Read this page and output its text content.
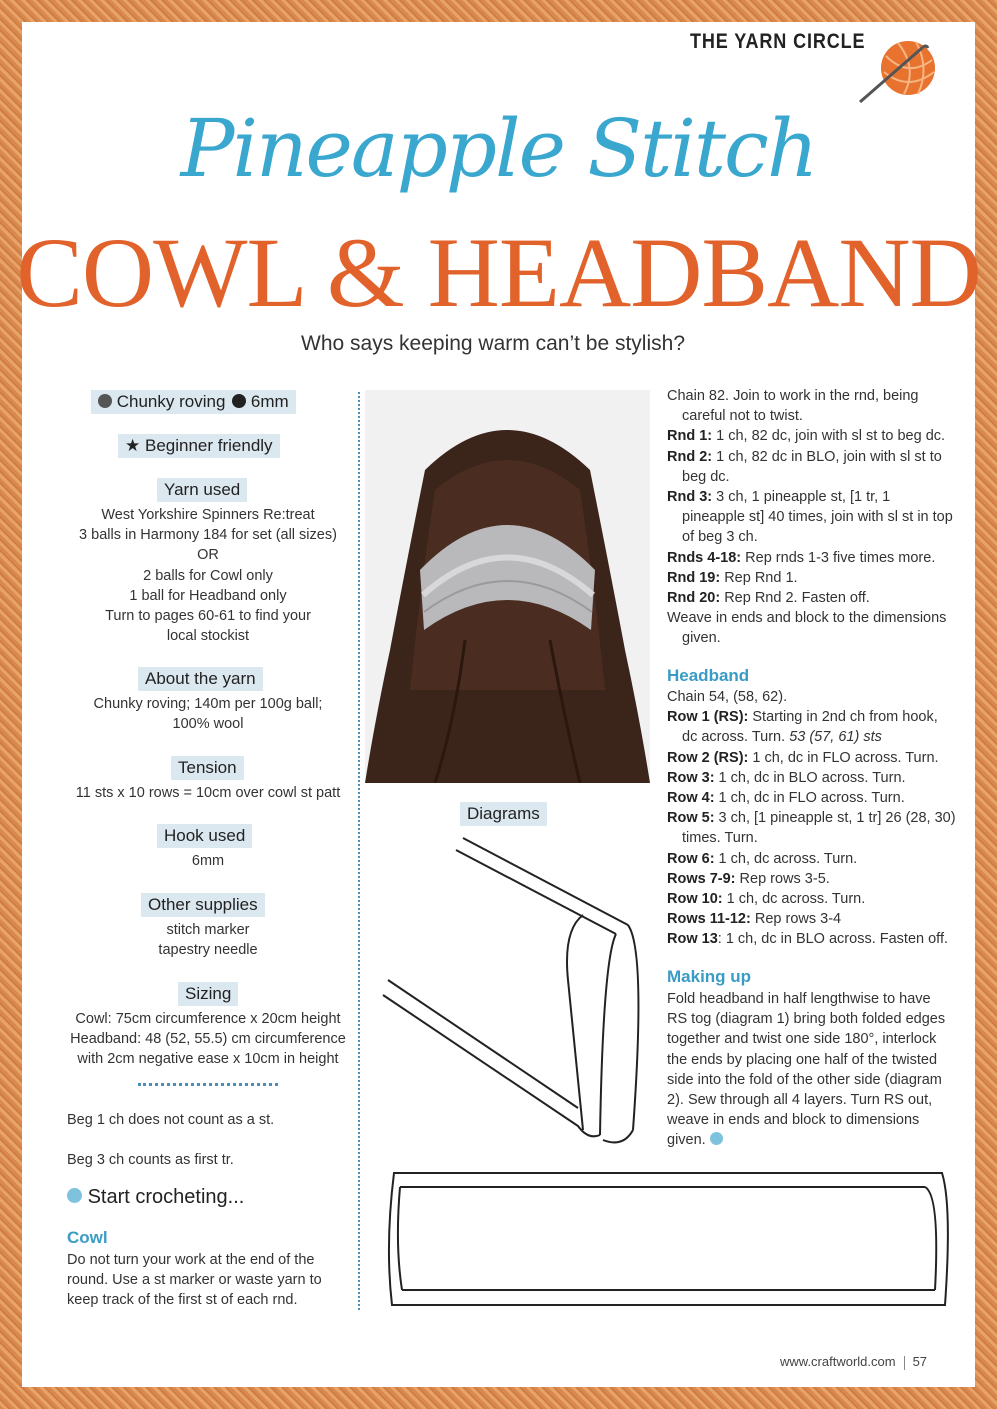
THE YARN CIRCLE
Pineapple Stitch
COWL & HEADBAND
Who says keeping warm can’t be stylish?
Chunky roving 6mm
★ Beginner friendly
Yarn used
West Yorkshire Spinners Re:treat
3 balls in Harmony 184 for set (all sizes)
OR
2 balls for Cowl only
1 ball for Headband only
Turn to pages 60-61 to find your
local stockist
About the yarn
Chunky roving; 140m per 100g ball;
100% wool
Tension
11 sts x 10 rows = 10cm over cowl st patt
Hook used
6mm
Other supplies
stitch marker
tapestry needle
Sizing
Cowl: 75cm circumference x 20cm height
Headband: 48 (52, 55.5) cm circumference
with 2cm negative ease x 10cm in height
Beg 1 ch does not count as a st.
Beg 3 ch counts as first tr.
Start crocheting...
Cowl
Do not turn your work at the end of the round. Use a st marker or waste yarn to keep track of the first st of each rnd.
Diagrams

Chain 82. Join to work in the rnd, being careful not to twist.

Rnd 1: 1 ch, 82 dc, join with sl st to beg dc.

Rnd 2: 1 ch, 82 dc in BLO, join with sl st to beg dc.

Rnd 3: 3 ch, 1 pineapple st, [1 tr, 1 pineapple st] 40 times, join with sl st in top of beg 3 ch.

Rnds 4-18: Rep rnds 1-3 five times more.

Rnd 19: Rep Rnd 1.

Rnd 20: Rep Rnd 2. Fasten off.

Weave in ends and block to the dimensions given.

Headband

Chain 54, (58, 62).

Row 1 (RS): Starting in 2nd ch from hook, dc across. Turn. 53 (57, 61) sts

Row 2 (RS): 1 ch, dc in FLO across. Turn.

Row 3: 1 ch, dc in BLO across. Turn.

Row 4: 1 ch, dc in FLO across. Turn.

Row 5: 3 ch, [1 pineapple st, 1 tr] 26 (28, 30) times. Turn.

Row 6: 1 ch, dc across. Turn.

Rows 7-9: Rep rows 3-5.

Row 10: 1 ch, dc across. Turn.

Rows 11-12: Rep rows 3-4

Row 13: 1 ch, dc in BLO across. Fasten off.

Making up
Fold headband in half lengthwise to have RS tog (diagram 1) bring both folded edges together and twist one side 180°, interlock the ends by placing one half of the twisted side into the fold of the other side (diagram 2). Sew through all 4 layers. Turn RS out, weave in ends and block to dimensions given.
www.craftworld.com 57
